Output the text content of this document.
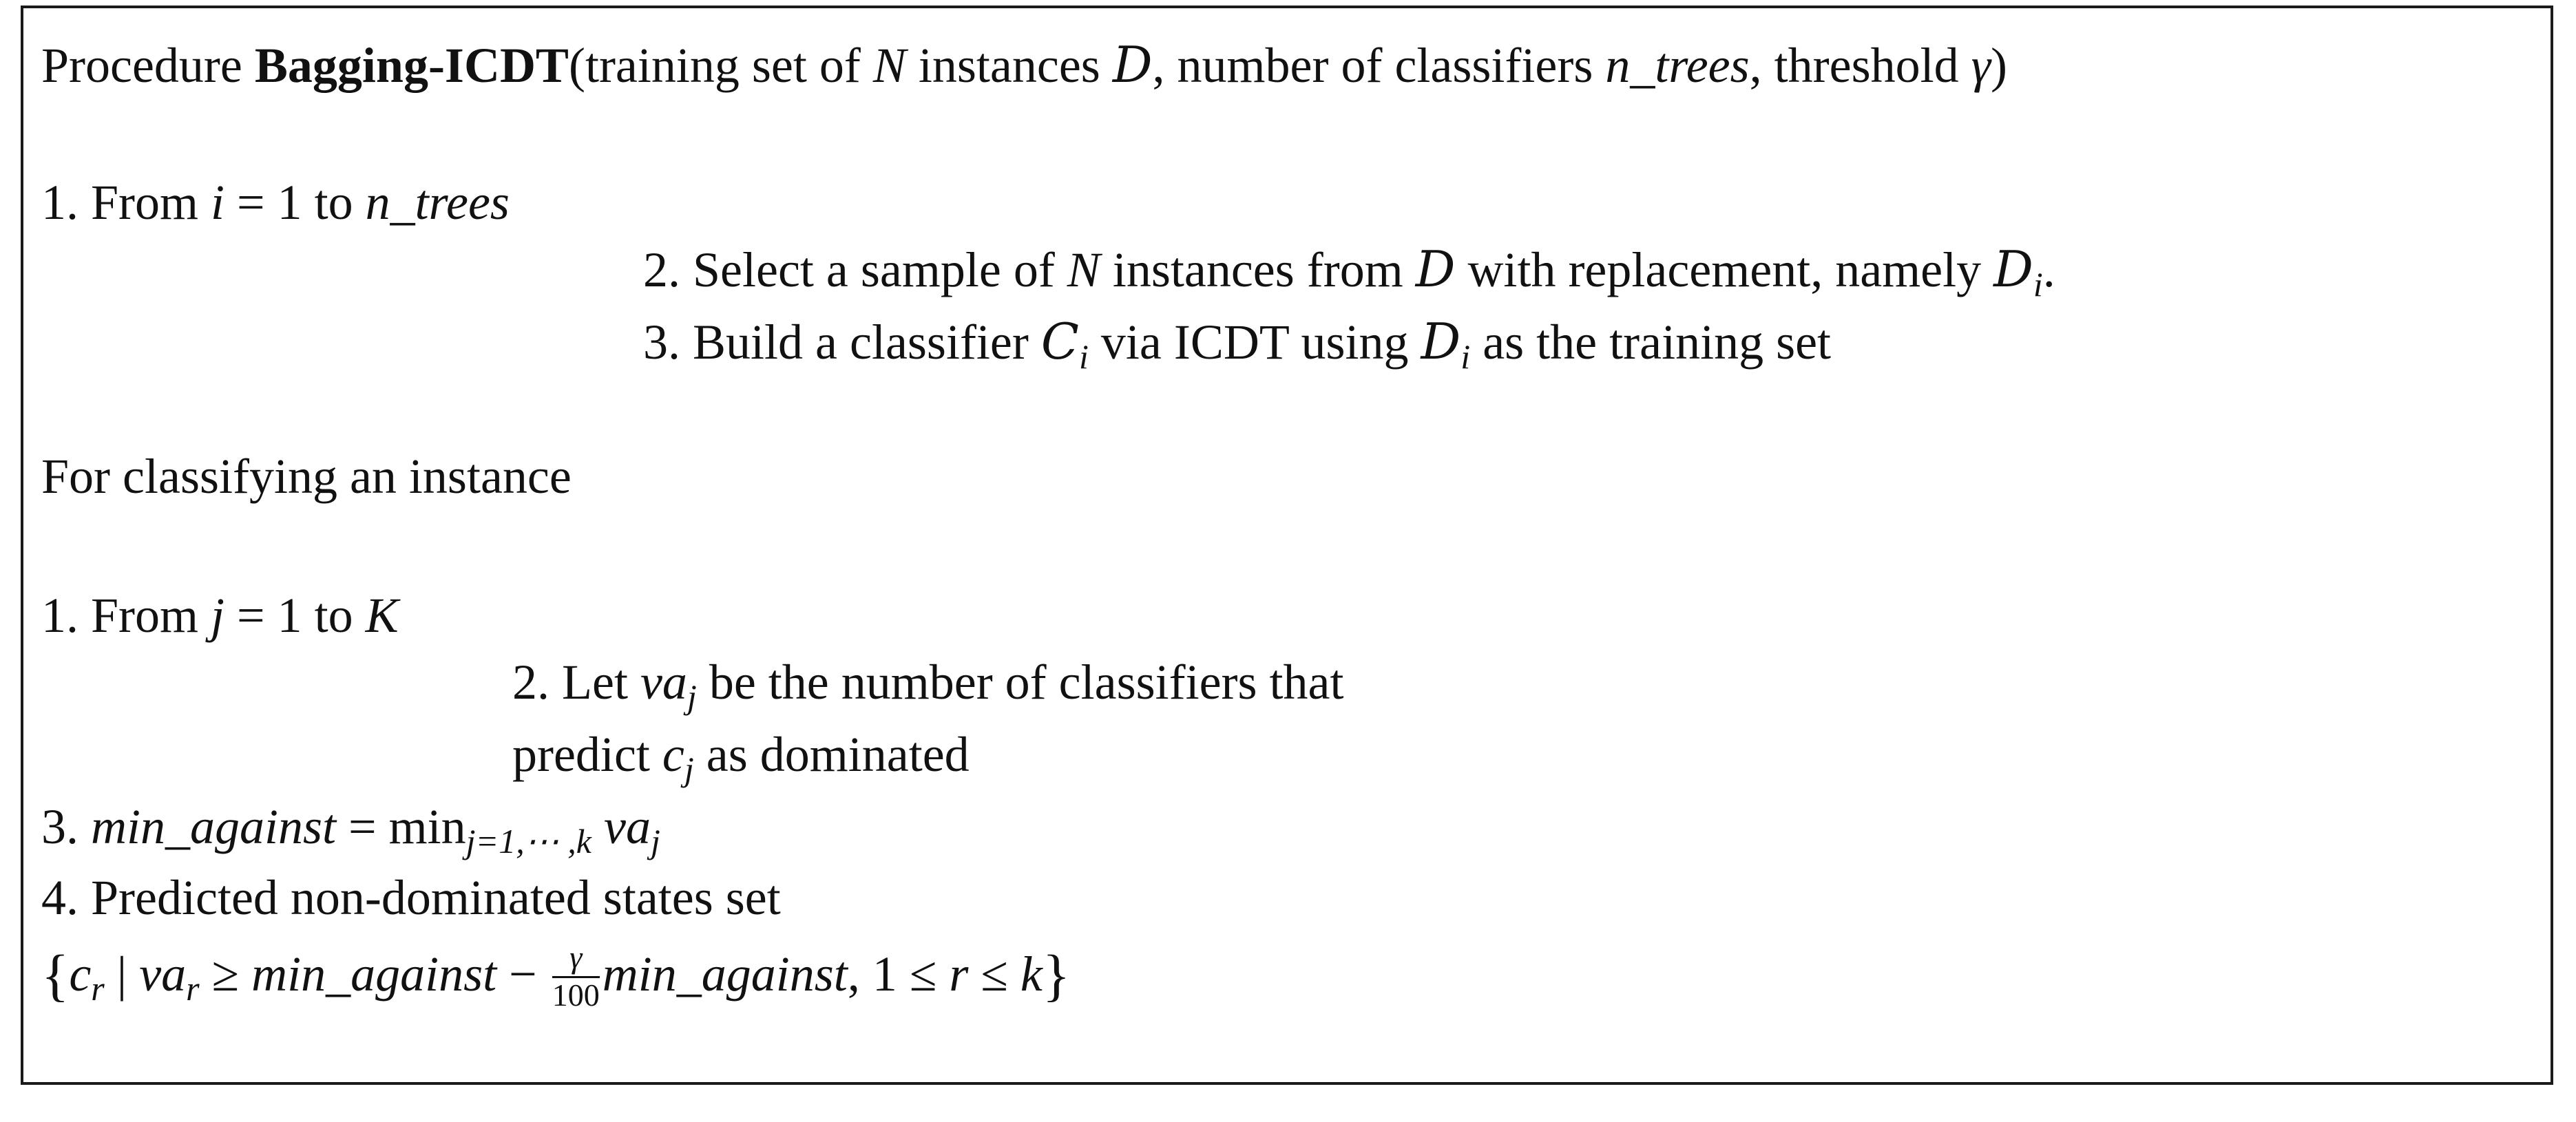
Procedure Bagging-ICDT(training set of N instances D, number of classifiers n_trees, threshold γ)
1. From i = 1 to n_trees
2. Select a sample of N instances from D with replacement, namely $D_i$.
3. Build a classifier $C_i$ via ICDT using $D_i$ as the training set
For classifying an instance
1. From j = 1 to K
2. Let $va_j$ be the number of classifiers that
predict $c_j$ as dominated
3. min_against = $\min_{j=1,\cdots ,k} va_j$
4. Predicted non-dominated states set
{$c_r$ | $va_r$ ≥ min_against − $\frac{\gamma}{100}$ min_against, 1 ≤ r ≤ k}
